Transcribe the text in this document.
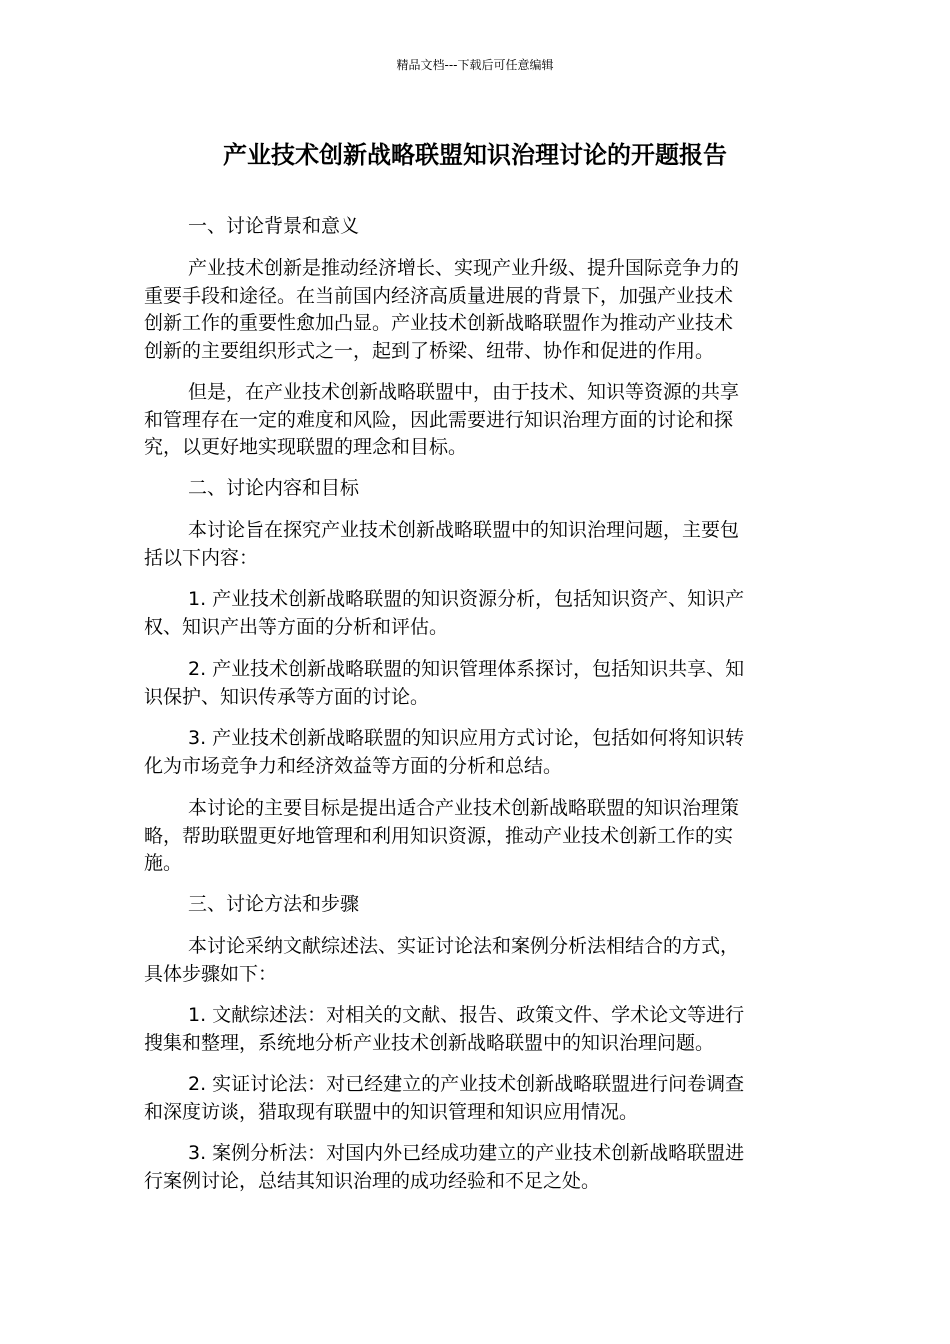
精品文档---下载后可任意编辑
产业技术创新战略联盟知识治理讨论的开题报告
一、讨论背景和意义
产业技术创新是推动经济增长、实现产业升级、提升国际竞争力的
重要手段和途径。在当前国内经济高质量进展的背景下，加强产业技术
创新工作的重要性愈加凸显。产业技术创新战略联盟作为推动产业技术
创新的主要组织形式之一，起到了桥梁、纽带、协作和促进的作用。
但是，在产业技术创新战略联盟中，由于技术、知识等资源的共享
和管理存在一定的难度和风险，因此需要进行知识治理方面的讨论和探
究，以更好地实现联盟的理念和目标。
二、讨论内容和目标
本讨论旨在探究产业技术创新战略联盟中的知识治理问题，主要包
括以下内容：
1. 产业技术创新战略联盟的知识资源分析，包括知识资产、知识产
权、知识产出等方面的分析和评估。
2. 产业技术创新战略联盟的知识管理体系探讨，包括知识共享、知
识保护、知识传承等方面的讨论。
3. 产业技术创新战略联盟的知识应用方式讨论，包括如何将知识转
化为市场竞争力和经济效益等方面的分析和总结。
本讨论的主要目标是提出适合产业技术创新战略联盟的知识治理策
略，帮助联盟更好地管理和利用知识资源，推动产业技术创新工作的实
施。
三、讨论方法和步骤
本讨论采纳文献综述法、实证讨论法和案例分析法相结合的方式，
具体步骤如下：
1. 文献综述法：对相关的文献、报告、政策文件、学术论文等进行
搜集和整理，系统地分析产业技术创新战略联盟中的知识治理问题。
2. 实证讨论法：对已经建立的产业技术创新战略联盟进行问卷调查
和深度访谈，猎取现有联盟中的知识管理和知识应用情况。
3. 案例分析法：对国内外已经成功建立的产业技术创新战略联盟进
行案例讨论，总结其知识治理的成功经验和不足之处。
